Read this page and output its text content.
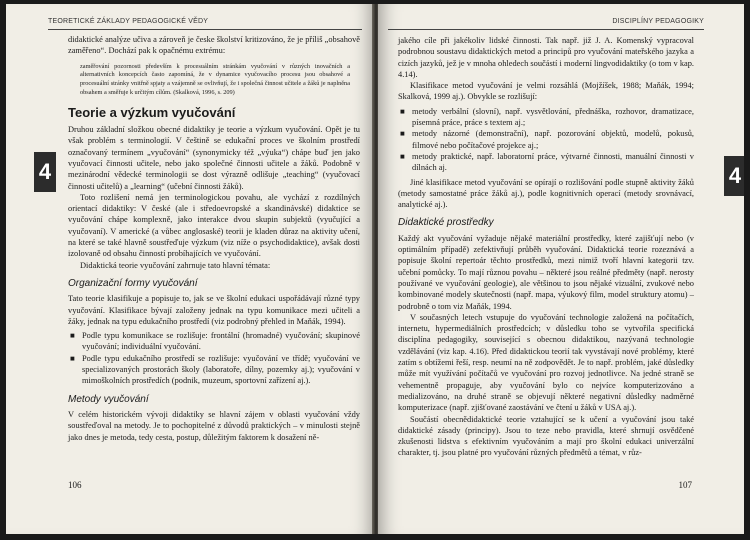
TEORETICKÉ ZÁKLADY PEDAGOGICKÉ VĚDY
4

didaktické analýze učiva a zároveň je česke školství kritizováno, že je příliš „obsahově zaměřeno“. Dochází pak k opačnému extrému:

zaměřování pozornosti především k procesuálním stránkám vyučování v různých inovačních a alternativních koncepcích často zapomíná, že v dynamice vyučovacího procesu jsou obsahové a procesuální stránky vnitřně spjaty a vzájemně se ovlivňují, že i společná činnost učitele a žáků je naplněna obsahem a směřuje k určitým cílům. (Skalková, 1996, s. 209)

Teorie a výzkum vyučování

Druhou základní složkou obecné didaktiky je teorie a výzkum vyučování. Opět je tu však problém s terminologií. V češtině se edukační proces ve školním prostředí označovaný termínem „vyučování“ (synonymicky též „výuka“) chápe buď jen jako vyučovací činnosti učitele, nebo jako společné činnosti učitele a žáků. Podobně v mezinárodní vědecké terminologii se dost výrazně odlišuje „teaching“ (vyučovací činnosti učitelů) a „learning“ (učební činnosti žáků).

Toto rozlišení nemá jen terminologickou povahu, ale vychází z rozdílných orientací didaktiky: V české (ale i středoevropské a skandinávské) didaktice se vyučování chápe komplexně, jako interakce dvou skupin subjektů (vyučující a vyučovaní). V americké (a vůbec anglosaské) teorii je kladen důraz na aktivity učení, na které se také hlavně soustřeďuje výzkum (viz níže o psychodidaktice), avšak dosti izolovaně od obsahu činností probíhajících ve vyučování.

Didaktická teorie vyučování zahrnuje tato hlavní témata:

Organizační formy vyučování

Tato teorie klasifikuje a popisuje to, jak se ve školní edukaci uspořádávají různé typy vyučování. Klasifikace bývají založeny jednak na typu komunikace mezi učiteli a žáky, jednak na typu edukačního prostředí (viz podrobný přehled in Maňák, 1994).

■ Podle typu komunikace se rozlišuje: frontální (hromadné) vyučování; skupinové vyučování; individuální vyučování.
■ Podle typu edukačního prostředí se rozlišuje: vyučování ve třídě; vyučování ve specializovaných prostorách školy (laboratoře, dílny, pozemky aj.); vyučování v mimoškolních prostředích (podnik, muzeum, sportovní zařízení aj.).
Metody vyučování

V celém historickém vývoji didaktiky se hlavní zájem v oblasti vyučování vždy soustřeďoval na metody. Je to pochopitelné z důvodů praktických – v minulosti stejně jako dnes je metoda, tedy cesta, postup, důležitým faktorem k dosažení ně-

106
DISCIPLÍNY PEDAGOGIKY
4

jakého cíle při jakékoliv lidské činnosti. Tak např. již J. A. Komenský vypracoval podrobnou soustavu didaktických metod a principů pro vyučování mateřského jazyka a cizích jazyků, jež je v mnoha ohledech součástí i moderní lingvodidaktiky (o tom v kap. 4.14).

Klasifikace metod vyučování je velmi rozsáhlá (Mojžíšek, 1988; Maňák, 1994; Skalková, 1999 aj.). Obvykle se rozlišují:

■ metody verbální (slovní), např. vysvětlování, přednáška, rozhovor, dramatizace, písemná práce, práce s textem aj.;
■ metody názorné (demonstrační), např. pozorování objektů, modelů, pokusů, filmové nebo počítačové projekce aj.;
■ metody praktické, např. laboratorní práce, výtvarné činnosti, manuální činnosti v dílnách aj.

Jiné klasifikace metod vyučování se opírají o rozlišování podle stupně aktivity žáků (metody samostatné práce žáků aj.), podle kognitivních operací (metody srovnávací, analytické aj.).

Didaktické prostředky

Každý akt vyučování vyžaduje nějaké materiální prostředky, které zajišťují nebo (v optimálním případě) zefektivňují průběh vyučování. Didaktická teorie rozeznává a popisuje školní repertoár těchto prostředků, mezi nimiž tvoří hlavní kategorii tzv. učební pomůcky. To mají různou povahu – některé jsou reálné předměty (např. nerosty používané ve vyučování geologie), ale většinou to jsou nějaké vizuální, zvukové nebo kombinované modely skutečnosti (např. mapa, výukový film, model struktury atomu) – podrobně o tom viz Maňák, 1994.

V současných letech vstupuje do vyučování technologie založená na počítačích, internetu, hypermediálních prostředcích; v důsledku toho se vytvořila specifická disciplína pedagogiky, související s obecnou didaktikou, nazývaná technologie vzdělávání (viz kap. 4.16). Před didaktickou teorií tak vyvstávají nové problémy, které zatím s obtížemi řeší, resp. neumí na ně zodpovědět. Je to např. problém, jaké důsledky může mít využívání počítačů ve vyučování pro rozvoj jednotlivce. Na jedné straně se vehementně propaguje, aby vyučování bylo co nejvíce komputerizováno a medializováno, na druhé straně se objevují některé negativní důsledky nadměrné komputerizace (např. zjišťované zaostávání ve čtení u žáků v USA aj.).

Součástí obecnědidaktické teorie vztahující se k učení a vyučování jsou také didaktické zásady (principy). Jsou to teze nebo pravidla, které shrnují osvědčené zkušenosti lidstva s efektivním vyučováním a mají pro školní edukaci univerzální charakter, tj. jsou platné pro vyučování různých předmětů a témat, v růz-

107
